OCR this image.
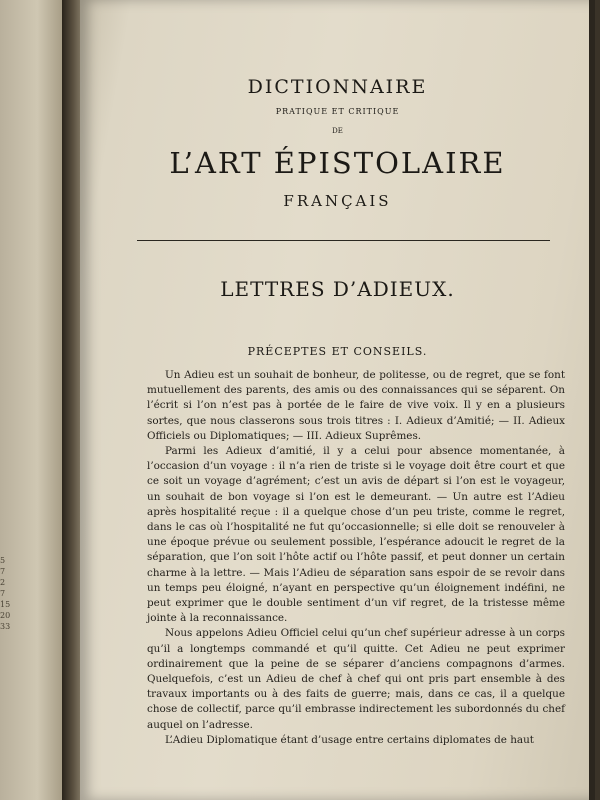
5
7
2
7
15
20
33
DICTIONNAIRE
PRATIQUE ET CRITIQUE
DE
L’ART ÉPISTOLAIRE
FRANÇAIS
LETTRES D’ADIEUX.
PRÉCEPTES ET CONSEILS.

Un Adieu est un souhait de bonheur, de politesse, ou de regret, que se font mutuellement des parents, des amis ou des connaissances qui se séparent. On l’écrit si l’on n’est pas à portée de le faire de vive voix. Il y en a plusieurs sortes, que nous classerons sous trois titres : I. Adieux d’Amitié; — II. Adieux Officiels ou Diplomatiques; — III. Adieux Suprêmes.

Parmi les Adieux d’amitié, il y a celui pour absence momentanée, à l’occasion d’un voyage : il n’a rien de triste si le voyage doit être court et que ce soit un voyage d’agrément; c’est un avis de départ si l’on est le voyageur, un souhait de bon voyage si l’on est le demeurant. — Un autre est l’Adieu après hospitalité reçue : il a quelque chose d’un peu triste, comme le regret, dans le cas où l’hospitalité ne fut qu’occasionnelle; si elle doit se renouveler à une époque prévue ou seulement possible, l’espérance adoucit le regret de la séparation, que l’on soit l’hôte actif ou l’hôte passif, et peut donner un certain charme à la lettre. — Mais l’Adieu de séparation sans espoir de se revoir dans un temps peu éloigné, n’ayant en perspective qu’un éloignement indéfini, ne peut exprimer que le double sentiment d’un vif regret, de la tristesse même jointe à la reconnaissance.

Nous appelons Adieu Officiel celui qu’un chef supérieur adresse à un corps qu’il a longtemps commandé et qu’il quitte. Cet Adieu ne peut exprimer ordinairement que la peine de se séparer d’anciens compagnons d’armes. Quelquefois, c’est un Adieu de chef à chef qui ont pris part ensemble à des travaux importants ou à des faits de guerre; mais, dans ce cas, il a quelque chose de collectif, parce qu’il embrasse indirectement les subordonnés du chef auquel on l’adresse.

L’Adieu Diplomatique étant d’usage entre certains diplomates de haut
